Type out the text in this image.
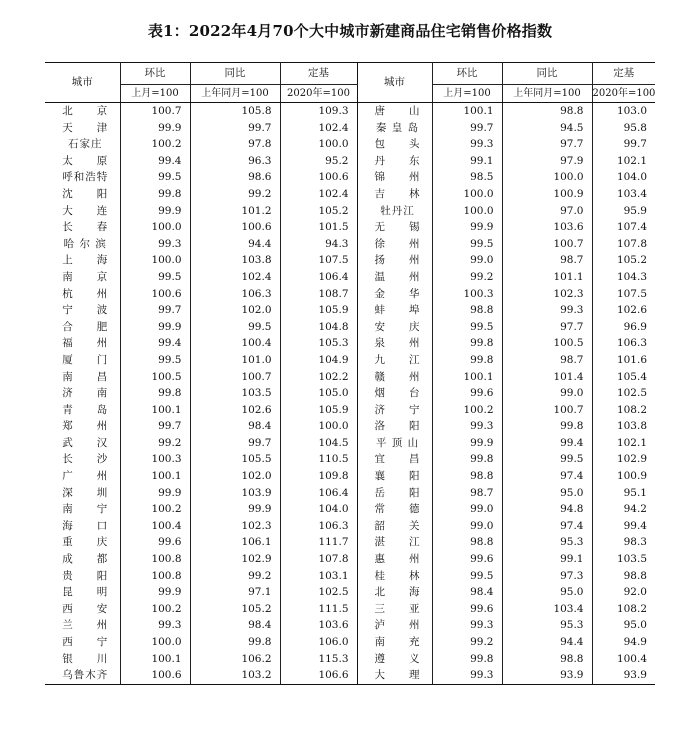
表1：2022年4月70个大中城市新建商品住宅销售价格指数
城市	环比	同比	定基	城市	环比	同比	定基
	上月=100	上年同月=100	2020年=100		上月=100	上年同月=100	2020年=100
北　　京	100.7	105.8	109.3	唐　　山	100.1	98.8	103.0
天　　津	99.9	99.7	102.4	秦 皇 岛	99.7	94.5	95.8
石家庄	100.2	97.8	100.0	包　　头	99.3	97.7	99.7
太　　原	99.4	96.3	95.2	丹　　东	99.1	97.9	102.1
呼和浩特	99.5	98.6	100.6	锦　　州	98.5	100.0	104.0
沈　　阳	99.8	99.2	102.4	吉　　林	100.0	100.9	103.4
大　　连	99.9	101.2	105.2	牡丹江	100.0	97.0	95.9
长　　春	100.0	100.6	101.5	无　　锡	99.9	103.6	107.4
哈 尔 滨	99.3	94.4	94.3	徐　　州	99.5	100.7	107.8
上　　海	100.0	103.8	107.5	扬　　州	99.0	98.7	105.2
南　　京	99.5	102.4	106.4	温　　州	99.2	101.1	104.3
杭　　州	100.6	106.3	108.7	金　　华	100.3	102.3	107.5
宁　　波	99.7	102.0	105.9	蚌　　埠	98.8	99.3	102.6
合　　肥	99.9	99.5	104.8	安　　庆	99.5	97.7	96.9
福　　州	99.4	100.4	105.3	泉　　州	99.8	100.5	106.3
厦　　门	99.5	101.0	104.9	九　　江	99.8	98.7	101.6
南　　昌	100.5	100.7	102.2	赣　　州	100.1	101.4	105.4
济　　南	99.8	103.5	105.0	烟　　台	99.6	99.0	102.5
青　　岛	100.1	102.6	105.9	济　　宁	100.2	100.7	108.2
郑　　州	99.7	98.4	100.0	洛　　阳	99.3	99.8	103.8
武　　汉	99.2	99.7	104.5	平 顶 山	99.9	99.4	102.1
长　　沙	100.3	105.5	110.5	宜　　昌	99.8	99.5	102.9
广　　州	100.1	102.0	109.8	襄　　阳	98.8	97.4	100.9
深　　圳	99.9	103.9	106.4	岳　　阳	98.7	95.0	95.1
南　　宁	100.2	99.9	104.0	常　　德	99.0	94.8	94.2
海　　口	100.4	102.3	106.3	韶　　关	99.0	97.4	99.4
重　　庆	99.6	106.1	111.7	湛　　江	98.8	95.3	98.3
成　　都	100.8	102.9	107.8	惠　　州	99.6	99.1	103.5
贵　　阳	100.8	99.2	103.1	桂　　林	99.5	97.3	98.8
昆　　明	99.9	97.1	102.5	北　　海	98.4	95.0	92.0
西　　安	100.2	105.2	111.5	三　　亚	99.6	103.4	108.2
兰　　州	99.3	98.4	103.6	泸　　州	99.3	95.3	95.0
西　　宁	100.0	99.8	106.0	南　　充	99.2	94.4	94.9
银　　川	100.1	106.2	115.3	遵　　义	99.8	98.8	100.4
乌鲁木齐	100.6	103.2	106.6	大　　理	99.3	93.9	93.9
